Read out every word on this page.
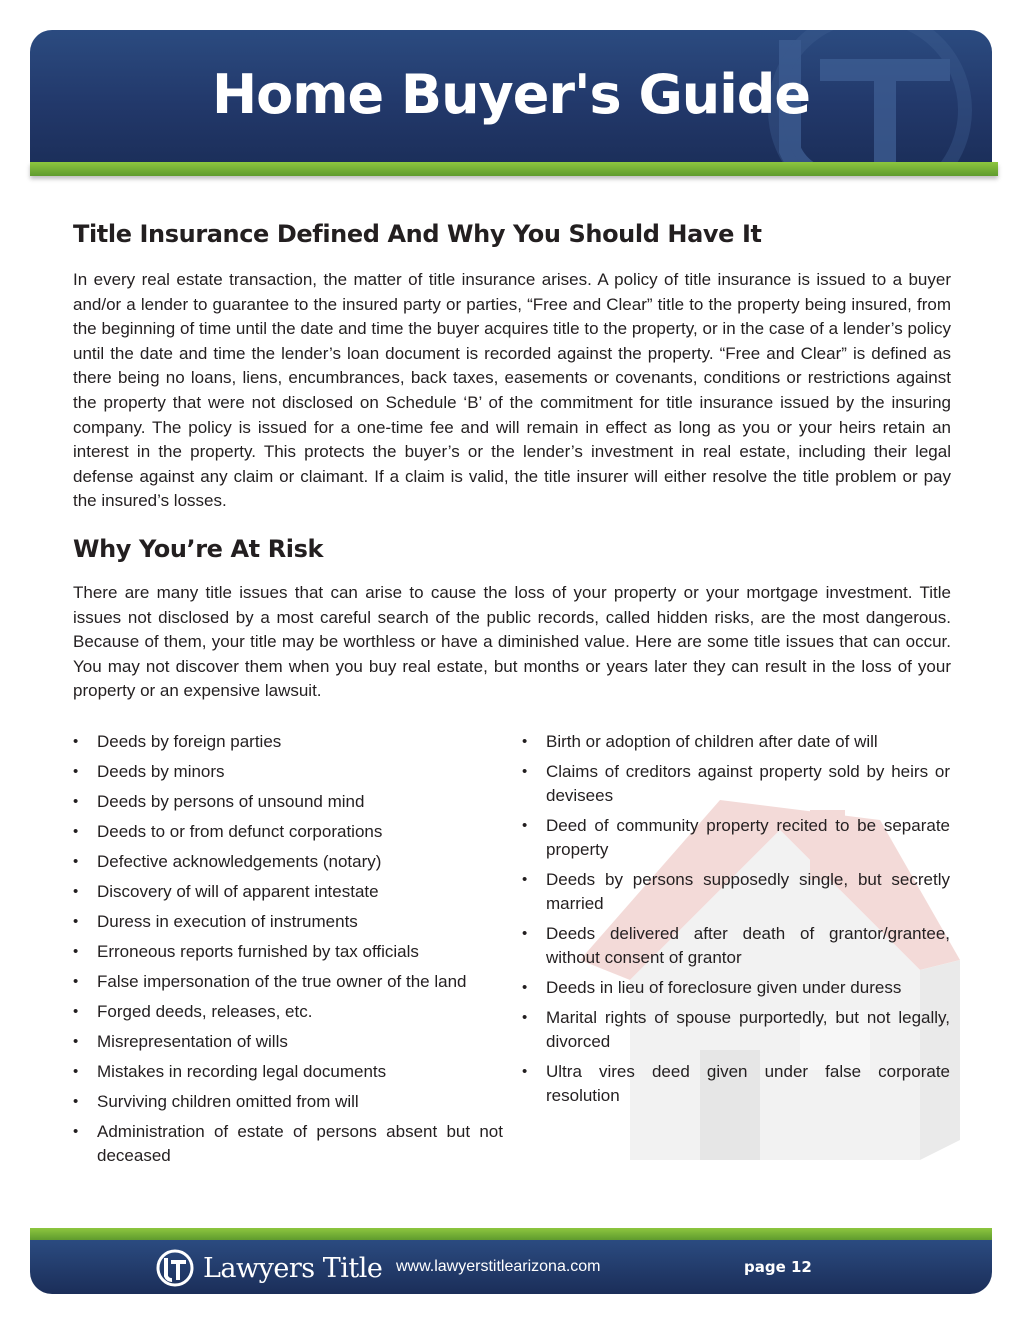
Home Buyer's Guide
Title Insurance Defined And Why You Should Have It

In every real estate transaction, the matter of title insurance arises. A policy of title insurance is issued to a buyer and/or a lender to guarantee to the insured party or parties, “Free and Clear” title to the property being insured, from the beginning of time until the date and time the buyer acquires title to the property, or in the case of a lender’s policy until the date and time the lender’s loan document is recorded against the property. “Free and Clear” is defined as there being no loans, liens, encumbrances, back taxes, easements or covenants, conditions or restrictions against the property that were not disclosed on Schedule ‘B’ of the commitment for title insurance issued by the insuring company. The policy is issued for a one-time fee and will remain in effect as long as you or your heirs retain an interest in the property. This protects the buyer’s or the lender’s investment in real estate, including their legal defense against any claim or claimant. If a claim is valid, the title insurer will either resolve the title problem or pay the insured’s losses.

Why You’re At Risk

There are many title issues that can arise to cause the loss of your property or your mortgage investment. Title issues not disclosed by a most careful search of the public records, called hidden risks, are the most dangerous. Because of them, your title may be worthless or have a diminished value. Here are some title issues that can occur. You may not discover them when you buy real estate, but months or years later they can result in the loss of your property or an expensive lawsuit.

• Deeds by foreign parties
• Deeds by minors
• Deeds by persons of unsound mind
• Deeds to or from defunct corporations
• Defective acknowledgements (notary)
• Discovery of will of apparent intestate
• Duress in execution of instruments
• Erroneous reports furnished by tax officials
• False impersonation of the true owner of the land
• Forged deeds, releases, etc.
• Misrepresentation of wills
• Mistakes in recording legal documents
• Surviving children omitted from will
• Administration of estate of persons absent but not deceased
• Birth or adoption of children after date of will
• Claims of creditors against property sold by heirs or devisees
• Deed of community property recited to be separate property
• Deeds by persons supposedly single, but secretly married
• Deeds delivered after death of grantor/grantee, without consent of grantor
• Deeds in lieu of foreclosure given under duress
• Marital rights of spouse purportedly, but not legally, divorced
• Ultra vires deed given under false corporate resolution
Lawyers Title www.lawyerstitlearizona.com	page 12
